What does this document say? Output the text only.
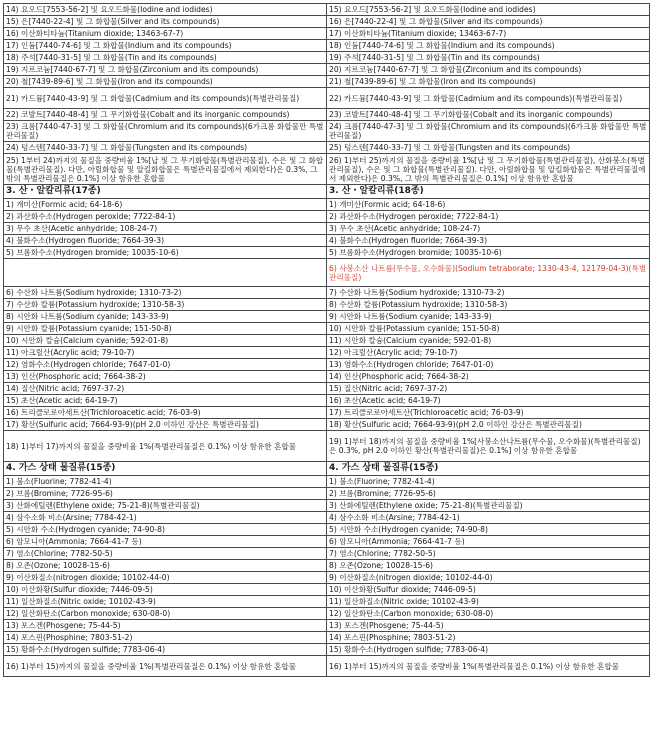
14) 요오드[7553-56-2] 및 요오드화물(Iodine and iodides)	15) 요오드[7553-56-2] 및 요오드화물(Iodine and iodides)
15) 은[7440-22-4] 및 그 화합물(Silver and its compounds)	16) 은[7440-22-4] 및 그 화합물(Silver and its compounds)
16) 이산화티타늄(Titanium dioxide; 13463-67-7)	17) 이산화티타늄(Titanium dioxide; 13463-67-7)
17) 인듐[7440-74-6] 및 그 화합물(Indium and its compounds)	18) 인듐[7440-74-6] 및 그 화합물(Indium and its compounds)
18) 주석[7440-31-5] 및 그 화합물(Tin and its compounds)	19) 주석[7440-31-5] 및 그 화합물(Tin and its compounds)
19) 지르코늄[7440-67-7] 및 그 화합물(Zirconium and its compounds)	20) 지르코늄[7440-67-7] 및 그 화합물(Zirconium and its compounds)
20) 철[7439-89-6] 및 그 화합물(Iron and its compounds)	21) 철[7439-89-6] 및 그 화합물(Iron and its compounds)
21) 카드뮴[7440-43-9] 및 그 화합물(Cadmium and its compounds)(특별관리물질)	22) 카드뮴[7440-43-9] 및 그 화합물(Cadmium and its compounds)(특별관리물질)
22) 코발트[7440-48-4] 및 그 무기화합물(Cobalt and its inorganic compounds)	23) 코발트[7440-48-4] 및 그 무기화합물(Cobalt and its inorganic compounds)
23) 크롬[7440-47-3] 및 그 화합물(Chromium and its compounds)(6가크롬 화합물만 특별관리물질)	24) 크롬[7440-47-3] 및 그 화합물(Chromium and its compounds)(6가크롬 화합물만 특별관리물질)
24) 텅스텐[7440-33-7] 및 그 화합물(Tungsten and its compounds)	25) 텅스텐[7440-33-7] 및 그 화합물(Tungsten and its compounds)
25) 1부터 24)까지의 물질을 중량비율 1%[납 및 그 무기화합물(특별관리물질), 수은 및 그 화합물(특별관리물질). 다만, 아릴화합물 및 알킬화합물은 특별관리물질에서 제외한다)은 0.3%, 그 밖의 특별관리물질은 0.1%] 이상 함유한 혼합물	26) 1)부터 25)까지의 물질을 중량비율 1%[납 및 그 무기화합물(특별관리물질), 산화붕소(특별관리물질), 수은 및 그 화합물(특별관리물질). 다만, 아릴화합물 및 알킬화합물은 특별관리물질에서 제외한다)은 0.3%, 그 밖의 특별관리물질은 0.1%] 이상 함유한 혼합물
3. 산・알칼리류(17종)	3. 산・알칼리류(18종)
1) 개미산(Formic acid; 64-18-6)	1) 개미산(Formic acid; 64-18-6)
2) 과산화수소(Hydrogen peroxide; 7722-84-1)	2) 과산화수소(Hydrogen peroxide; 7722-84-1)
3) 무수 초산(Acetic anhydride; 108-24-7)	3) 무수 초산(Acetic anhydride; 108-24-7)
4) 불화수소(Hydrogen fluoride; 7664-39-3)	4) 불화수소(Hydrogen fluoride; 7664-39-3)
5) 브롬화수소(Hydrogen bromide; 10035-10-6)	5) 브롬화수소(Hydrogen bromide; 10035-10-6)
	6) 사붕소산 나트륨(무수물, 오수화물)(Sodium tetraborate; 1330-43-4, 12179-04-3)(특별관리물질)
6) 수산화 나트륨(Sodium hydroxide; 1310-73-2)	7) 수산화 나트륨(Sodium hydroxide; 1310-73-2)
7) 수산화 칼륨(Potassium hydroxide; 1310-58-3)	8) 수산화 칼륨(Potassium hydroxide; 1310-58-3)
8) 시안화 나트륨(Sodium cyanide; 143-33-9)	9) 시안화 나트륨(Sodium cyanide; 143-33-9)
9) 시안화 칼륨(Potassium cyanide; 151-50-8)	10) 시안화 칼륨(Potassium cyanide; 151-50-8)
10) 시안화 칼슘(Calcium cyanide; 592-01-8)	11) 시안화 칼슘(Calcium cyanide; 592-01-8)
11) 아크릴산(Acrylic acid; 79-10-7)	12) 아크릴산(Acrylic acid; 79-10-7)
12) 염화수소(Hydrogen chloride; 7647-01-0)	13) 염화수소(Hydrogen chloride; 7647-01-0)
13) 인산(Phosphoric acid; 7664-38-2)	14) 인산(Phosphoric acid; 7664-38-2)
14) 질산(Nitric acid; 7697-37-2)	15) 질산(Nitric acid; 7697-37-2)
15) 초산(Acetic acid; 64-19-7)	16) 초산(Acetic acid; 64-19-7)
16) 트리클로로아세트산(Trichloroacetic acid; 76-03-9)	17) 트리클로로아세트산(Trichloroacetic acid; 76-03-9)
17) 황산(Sulfuric acid; 7664-93-9)(pH 2.0 이하인 강산은 특별관리물질)	18) 황산(Sulfuric acid; 7664-93-9)(pH 2.0 이하인 강산은 특별관리물질)
18) 1)부터 17)까지의 물질을 중량비율 1%(특별관리물질은 0.1%) 이상 함유한 혼합물	19) 1)부터 18)까지의 물질을 중량비율 1%[사붕소산나트륨(무수물, 오수화물)(특별관리물질)은 0.3%, pH 2.0 이하인 황산(특별관리물질)은 0.1%] 이상 함유한 혼합물
4. 가스 상태 물질류(15종)	4. 가스 상태 물질류(15종)
1) 불소(Fluorine; 7782-41-4)	1) 불소(Fluorine; 7782-41-4)
2) 브롬(Bromine; 7726-95-6)	2) 브롬(Bromine; 7726-95-6)
3) 산화에틸렌(Ethylene oxide; 75-21-8)(특별관리물질)	3) 산화에틸렌(Ethylene oxide; 75-21-8)(특별관리물질)
4) 삼수소화 비소(Arsine; 7784-42-1)	4) 삼수소화 비소(Arsine; 7784-42-1)
5) 시안화 수소(Hydrogen cyanide; 74-90-8)	5) 시안화 수소(Hydrogen cyanide; 74-90-8)
6) 암모니아(Ammonia; 7664-41-7 등)	6) 암모니아(Ammonia; 7664-41-7 등)
7) 염소(Chlorine; 7782-50-5)	7) 염소(Chlorine; 7782-50-5)
8) 오존(Ozone; 10028-15-6)	8) 오존(Ozone; 10028-15-6)
9) 이산화질소(nitrogen dioxide; 10102-44-0)	9) 이산화질소(nitrogen dioxide; 10102-44-0)
10) 이산화황(Sulfur dioxide; 7446-09-5)	10) 이산화황(Sulfur dioxide; 7446-09-5)
11) 일산화질소(Nitric oxide; 10102-43-9)	11) 일산화질소(Nitric oxide; 10102-43-9)
12) 일산화탄소(Carbon monoxide; 630-08-0)	12) 일산화탄소(Carbon monoxide; 630-08-0)
13) 포스겐(Phosgene; 75-44-5)	13) 포스겐(Phosgene; 75-44-5)
14) 포스핀(Phosphine; 7803-51-2)	14) 포스핀(Phosphine; 7803-51-2)
15) 황화수소(Hydrogen sulfide; 7783-06-4)	15) 황화수소(Hydrogen sulfide; 7783-06-4)
16) 1)부터 15)까지의 물질을 중량비율 1%(특별관리물질은 0.1%) 이상 함유한 혼합물	16) 1)부터 15)까지의 물질을 중량비율 1%(특별관리물질은 0.1%) 이상 함유한 혼합물
